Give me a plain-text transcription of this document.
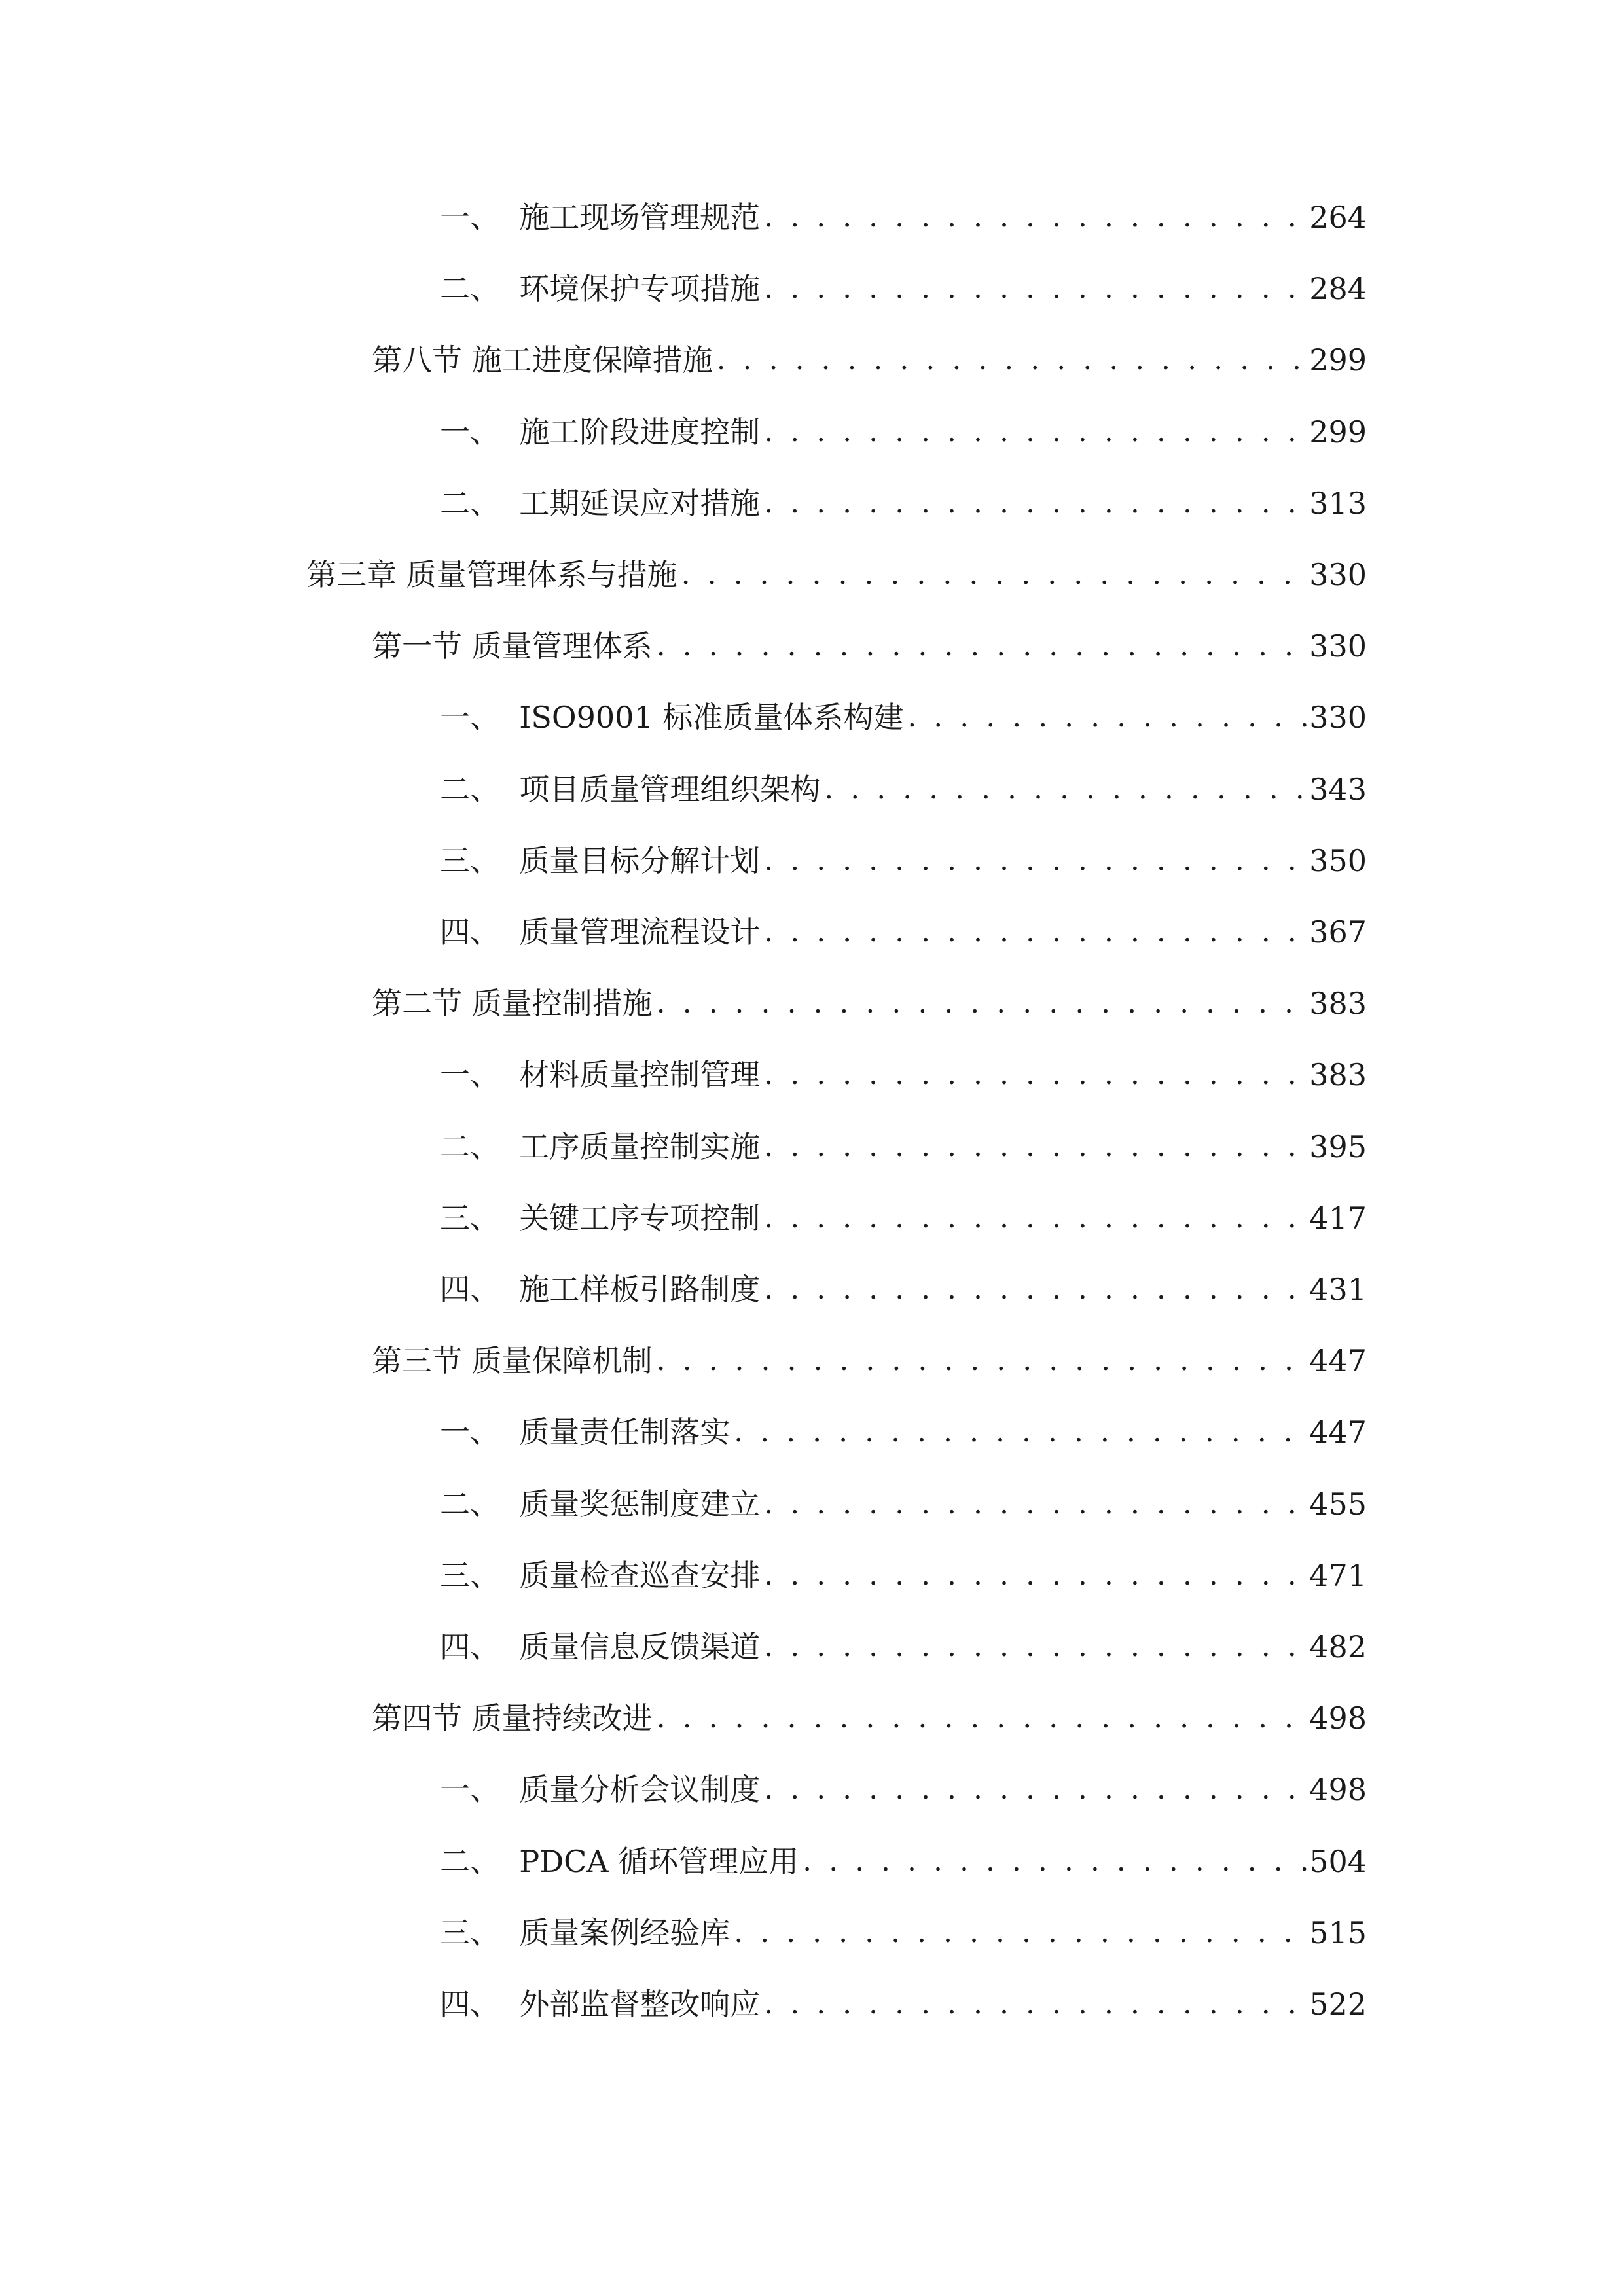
一、  施工现场管理规范 . . .	264
二、  环境保护专项措施 . . .	284
第八节 施工进度保障措施 . . .	299
一、  施工阶段进度控制 . . .	299
二、  工期延误应对措施 . . .	313
第三章 质量管理体系与措施 . . .	330
第一节 质量管理体系 . . .	330
一、  ISO9001 标准质量体系构建 . . .	330
二、  项目质量管理组织架构 . . .	343
三、  质量目标分解计划 . . .	350
四、  质量管理流程设计 . . .	367
第二节 质量控制措施 . . .	383
一、  材料质量控制管理 . . .	383
二、  工序质量控制实施 . . .	395
三、  关键工序专项控制 . . .	417
四、  施工样板引路制度 . . .	431
第三节 质量保障机制 . . .	447
一、  质量责任制落实 . . .	447
二、  质量奖惩制度建立 . . .	455
三、  质量检查巡查安排 . . .	471
四、  质量信息反馈渠道 . . .	482
第四节 质量持续改进 . . .	498
一、  质量分析会议制度 . . .	498
二、  PDCA 循环管理应用 . . .	504
三、  质量案例经验库 . . .	515
四、  外部监督整改响应 . . .	522
